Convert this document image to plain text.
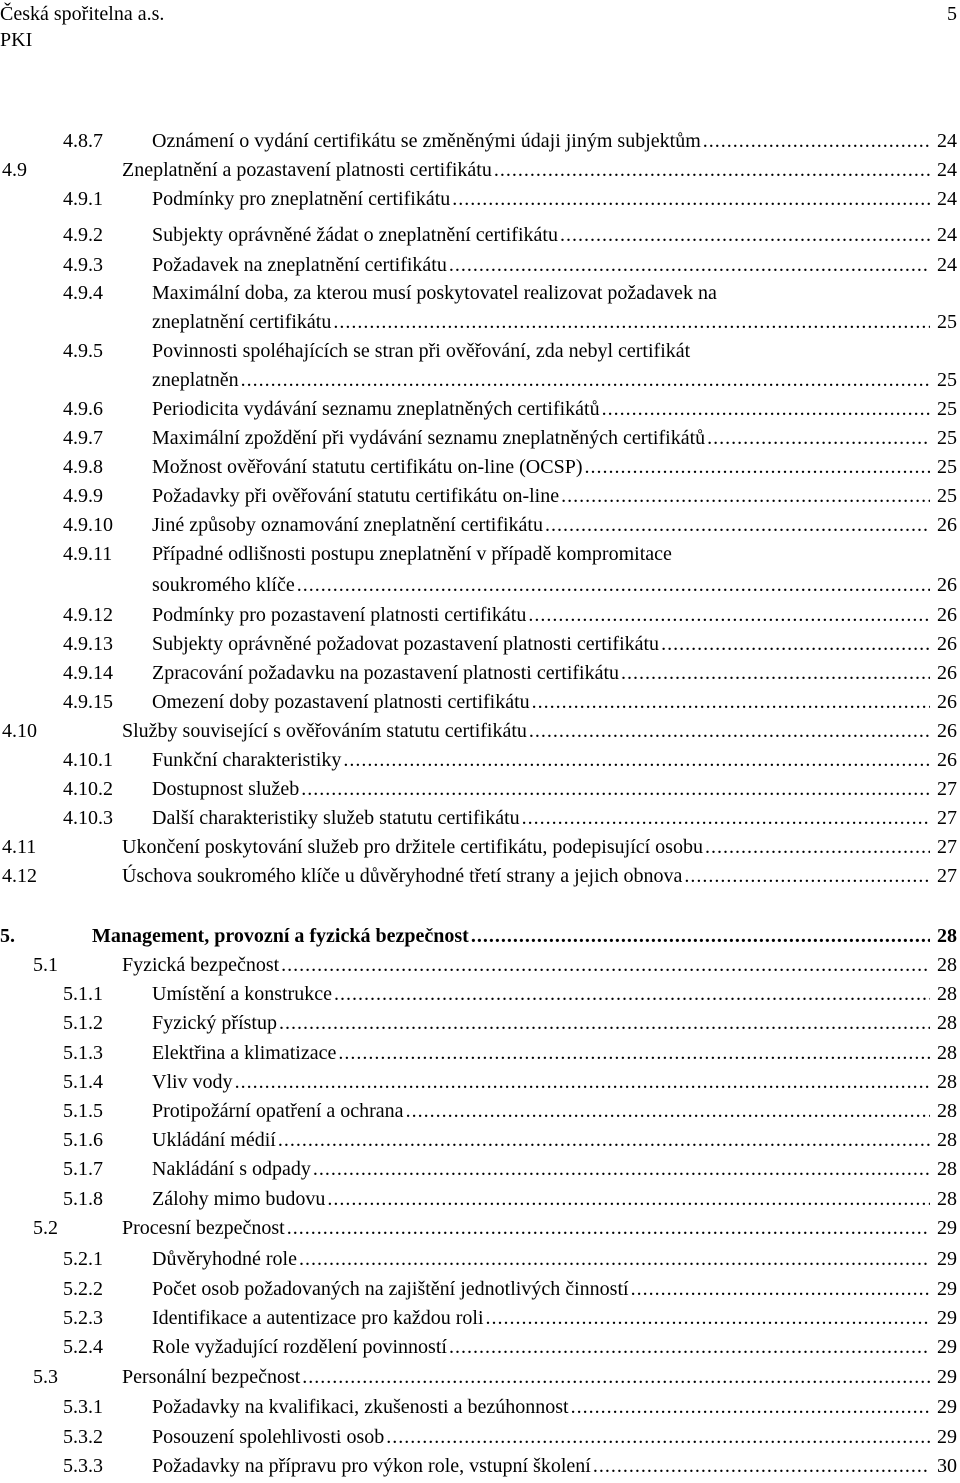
Česká spořitelna a.s.
PKI
5
4.8.7 Oznámení o vydání certifikátu se změněnými údaji jiným subjektům . . .	24
4.9	Zneplatnění a pozastavení platnosti certifikátu . . .	24
4.9.1 Podmínky pro zneplatnění certifikátu . . .	24
4.9.2 Subjekty oprávněné žádat o zneplatnění certifikátu . . .	24
4.9.3 Požadavek na zneplatnění certifikátu . . .	24
4.9.4 Maximální doba, za kterou musí poskytovatel realizovat požadavek na
zneplatnění certifikátu . . .	25
4.9.5 Povinnosti spoléhajících se stran při ověřování, zda nebyl certifikát
zneplatněn . . .	25
4.9.6 Periodicita vydávání seznamu zneplatněných certifikátů . . .	25
4.9.7 Maximální zpoždění při vydávání seznamu zneplatněných certifikátů . . .	25
4.9.8 Možnost ověřování statutu certifikátu on-line (OCSP) . . .	25
4.9.9 Požadavky při ověřování statutu certifikátu on-line . . .	25
4.9.10 Jiné způsoby oznamování zneplatnění certifikátu . . .	26
4.9.11 Případné odlišnosti postupu zneplatnění v případě kompromitace
soukromého klíče . . .	26
4.9.12 Podmínky pro pozastavení platnosti certifikátu . . .	26
4.9.13 Subjekty oprávněné požadovat pozastavení platnosti certifikátu . . .	26
4.9.14 Zpracování požadavku na pozastavení platnosti certifikátu . . .	26
4.9.15 Omezení doby pozastavení platnosti certifikátu . . .	26
4.10	Služby související s ověřováním statutu certifikátu . . .	26
4.10.1 Funkční charakteristiky . . .	26
4.10.2 Dostupnost služeb . . .	27
4.10.3 Další charakteristiky služeb statutu certifikátu . . .	27
4.11	Ukončení poskytování služeb pro držitele certifikátu, podepisující osobu . . .	27
4.12	Úschova soukromého klíče u důvěryhodné třetí strany a jejich obnova . . .	27
5.	Management, provozní a fyzická bezpečnost . . .	28
5.1	Fyzická bezpečnost . . .	28
5.1.1 Umístění a konstrukce . . .	28
5.1.2 Fyzický přístup . . .	28
5.1.3 Elektřina a klimatizace . . .	28
5.1.4 Vliv vody . . .	28
5.1.5 Protipožární opatření a ochrana . . .	28
5.1.6 Ukládání médií . . .	28
5.1.7 Nakládání s odpady . . .	28
5.1.8 Zálohy mimo budovu . . .	28
5.2	Procesní bezpečnost . . .	29
5.2.1 Důvěryhodné role . . .	29
5.2.2 Počet osob požadovaných na zajištění jednotlivých činností . . .	29
5.2.3 Identifikace a autentizace pro každou roli . . .	29
5.2.4 Role vyžadující rozdělení povinností . . .	29
5.3	Personální bezpečnost . . .	29
5.3.1 Požadavky na kvalifikaci, zkušenosti a bezúhonnost . . .	29
5.3.2 Posouzení spolehlivosti osob . . .	29
5.3.3 Požadavky na přípravu pro výkon role, vstupní školení . . .	30
